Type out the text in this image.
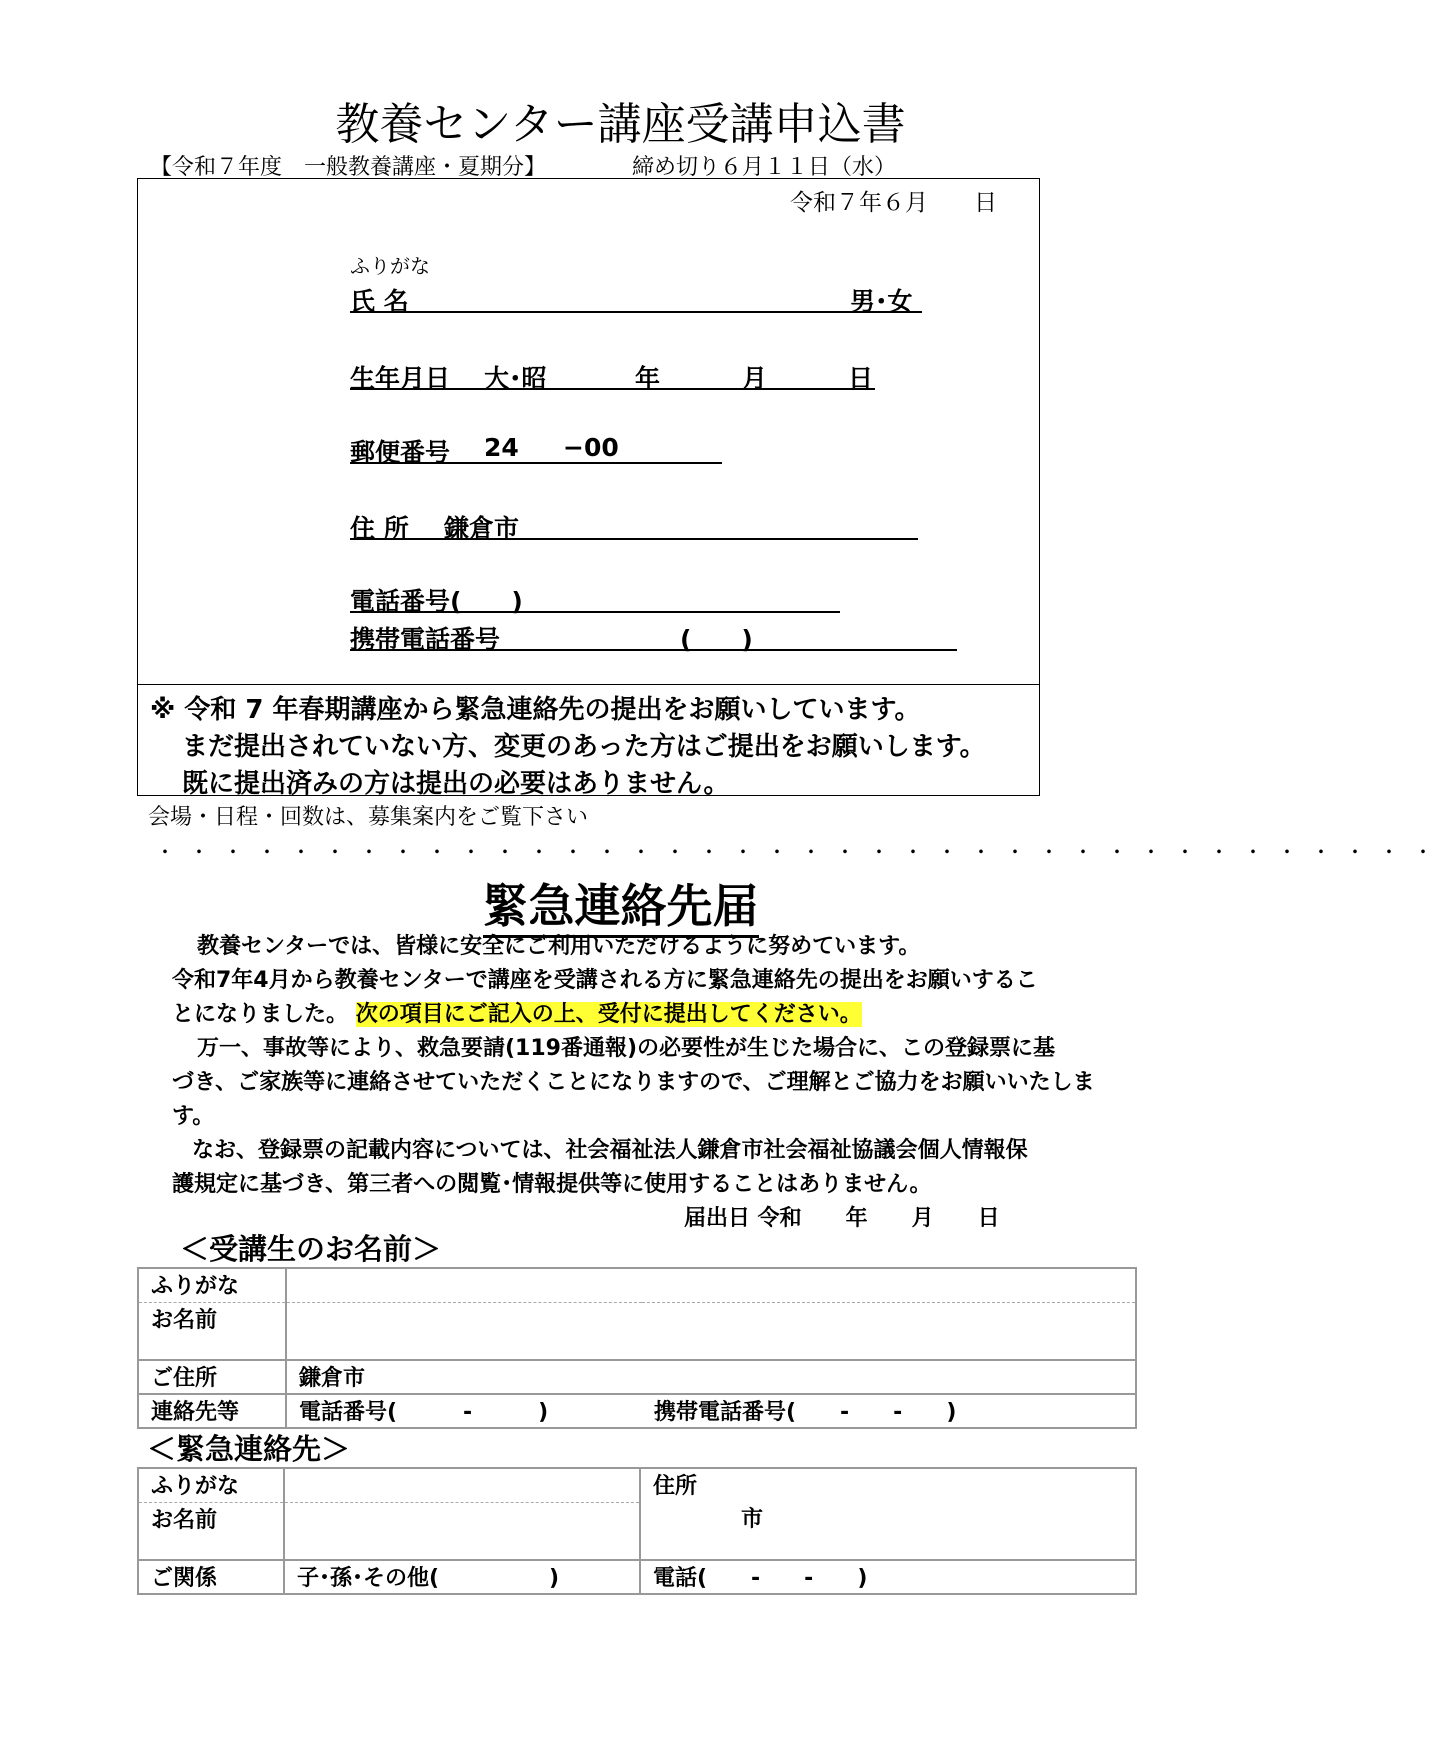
教養センター講座受講申込書
【令和７年度　一般教養講座・夏期分】	締め切り６月１１日（水）
令和７年６月　　日
ふりがな
氏 名	男･女
生年月日 大･昭	年	月	日
郵便番号 24 −00
住 所 鎌倉市
電話番号(　　)
携帯電話番号	(　　)
※ 令和 7 年春期講座から緊急連絡先の提出をお願いしています。
まだ提出されていない方、変更のあった方はご提出をお願いします。
既に提出済みの方は提出の必要はありません。
会場・日程・回数は、募集案内をご覧下さい
・・・・・・・・・・・・・・・・・・・・・・・・・・・・・・・・・・・・・・
緊急連絡先届
教養センターでは、皆様に安全にご利用いただけるように努めています。
令和7年4月から教養センターで講座を受講される方に緊急連絡先の提出をお願いするこ
とになりました。 次の項目にご記入の上、受付に提出してください。
万一、事故等により、救急要請(119番通報)の必要性が生じた場合に、この登録票に基
づき、ご家族等に連絡させていただくことになりますので、ご理解とご協力をお願いいたしま
す。
なお、登録票の記載内容については、社会福祉法人鎌倉市社会福祉協議会個人情報保
護規定に基づき、第三者への閲覧･情報提供等に使用することはありません。
届出日 令和　　年　　月　　日
＜受講生のお名前＞
ふりがな		
お名前		
ご住所	鎌倉市	
連絡先等	電話番号(　　　-　　　)	携帯電話番号(　　-　　-　　)
＜緊急連絡先＞
ふりがな		住所
お名前		市
ご関係	子･孫･その他(　　　　　)	電話(　　-　　-　　)
